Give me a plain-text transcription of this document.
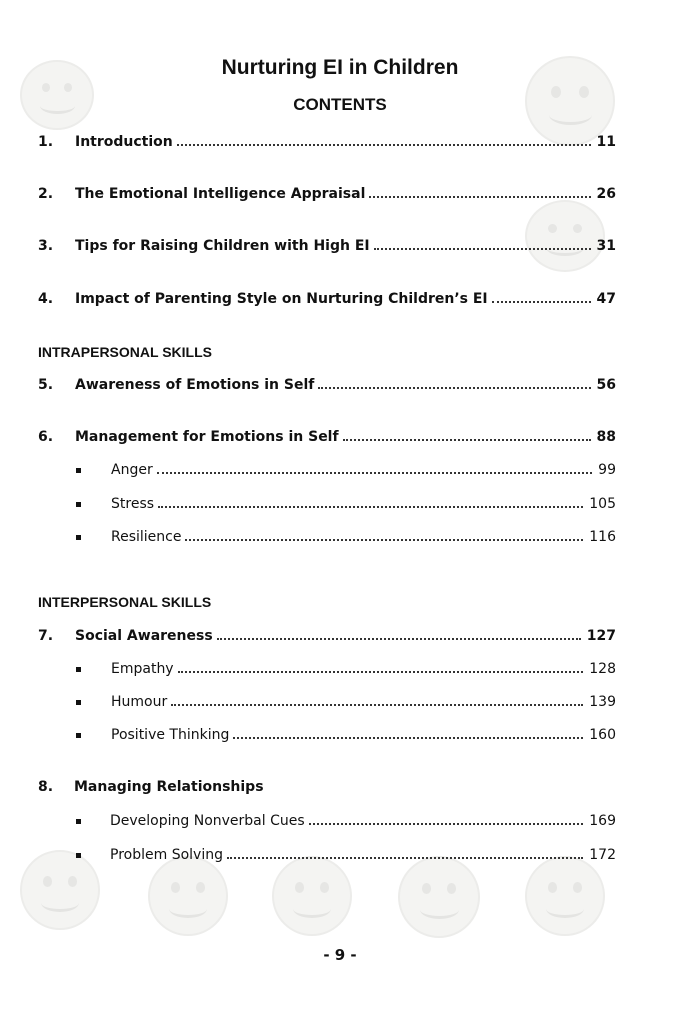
Nurturing EI in Children
CONTENTS
1. Introduction	11
2. The Emotional Intelligence Appraisal	26
3. Tips for Raising Children with High EI	31
4. Impact of Parenting Style on Nurturing Children’s EI	47
INTRAPERSONAL SKILLS
5. Awareness of Emotions in Self	56
6. Management for Emotions in Self	88
Anger	99
Stress	105
Resilience	116
INTERPERSONAL SKILLS
7. Social Awareness	127
Empathy	128
Humour	139
Positive Thinking	160
8. Managing Relationships
Developing Nonverbal Cues	169
Problem Solving	172
- 9 -
